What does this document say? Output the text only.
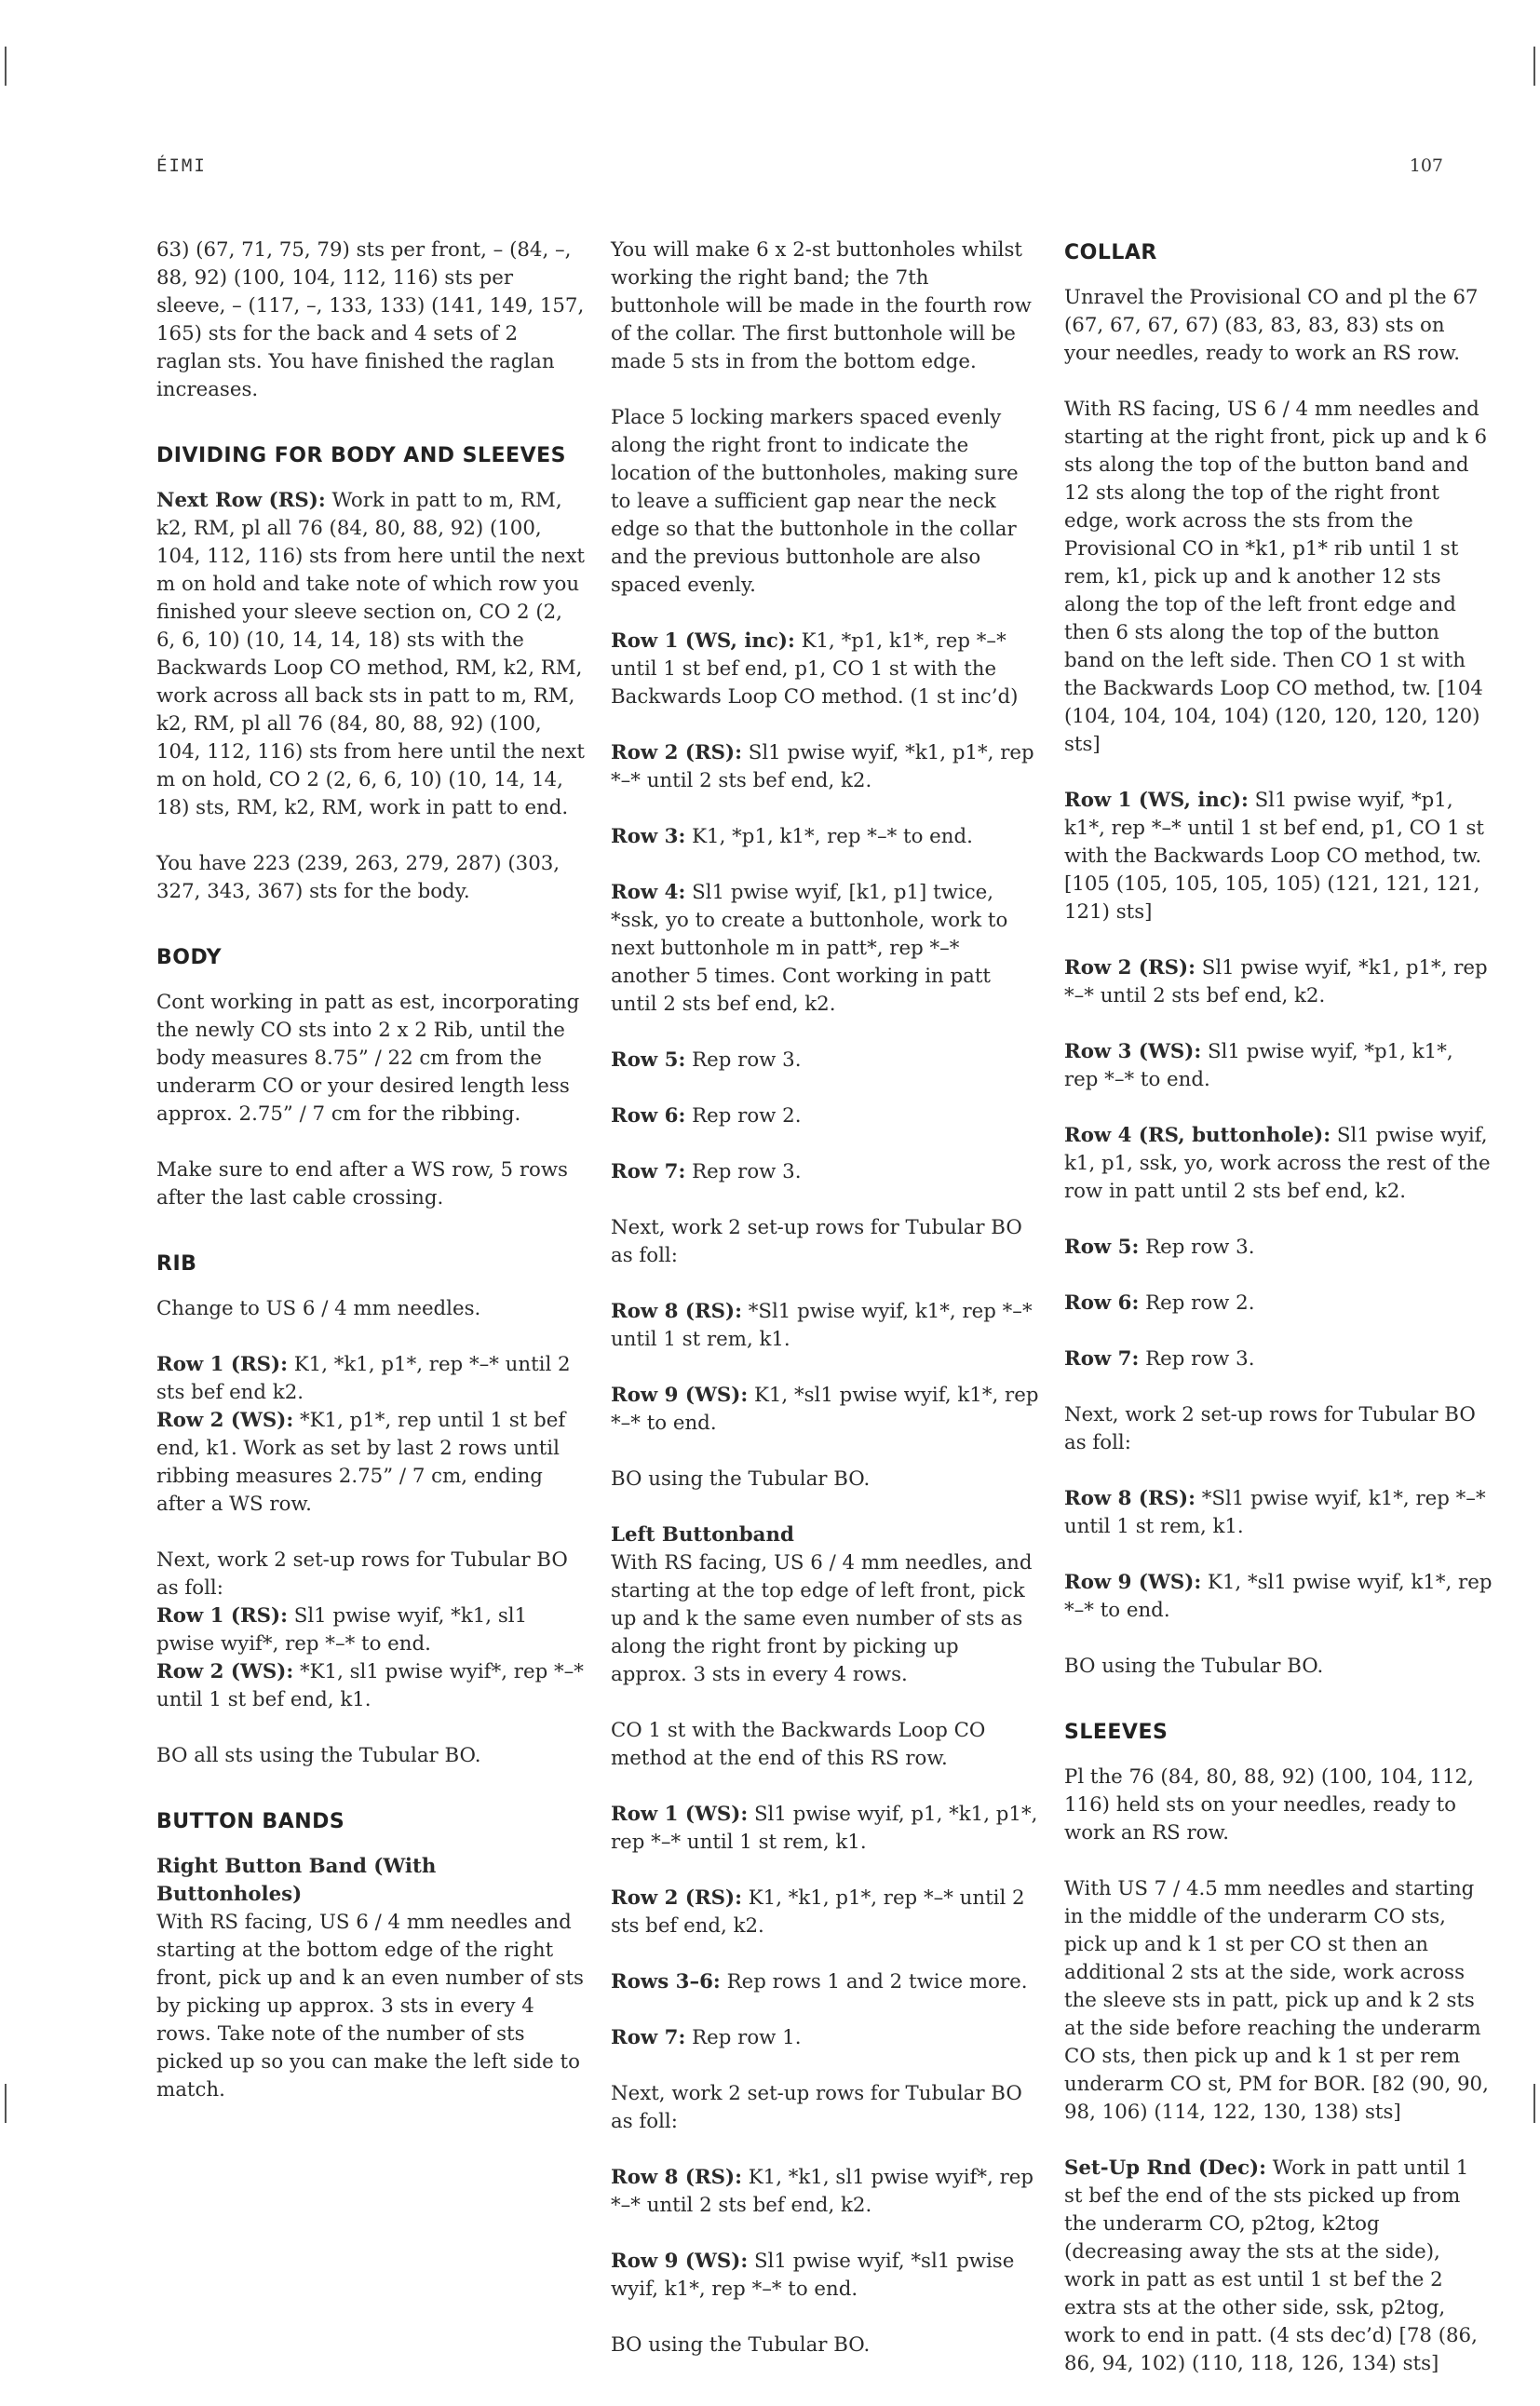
ÉIMI	107

63) (67, 71, 75, 79) sts per front, – (84, –, 88, 92) (100, 104, 112, 116) sts per sleeve, – (117, –, 133, 133) (141, 149, 157, 165) sts for the back and 4 sets of 2 raglan sts. You have finished the raglan increases.

DIVIDING FOR BODY AND SLEEVES

Next Row (RS): Work in patt to m, RM, k2, RM, pl all 76 (84, 80, 88, 92) (100, 104, 112, 116) sts from here until the next m on hold and take note of which row you finished your sleeve section on, CO 2 (2, 6, 6, 10) (10, 14, 14, 18) sts with the Backwards Loop CO method, RM, k2, RM, work across all back sts in patt to m, RM, k2, RM, pl all 76 (84, 80, 88, 92) (100, 104, 112, 116) sts from here until the next m on hold, CO 2 (2, 6, 6, 10) (10, 14, 14, 18) sts, RM, k2, RM, work in patt to end.

You have 223 (239, 263, 279, 287) (303, 327, 343, 367) sts for the body.

BODY

Cont working in patt as est, incorporating the newly CO sts into 2 x 2 Rib, until the body measures 8.75” / 22 cm from the underarm CO or your desired length less approx. 2.75” / 7 cm for the ribbing.

Make sure to end after a WS row, 5 rows after the last cable crossing.

RIB

Change to US 6 / 4 mm needles.

Row 1 (RS): K1, *k1, p1*, rep *–* until 2 sts bef end k2.

Row 2 (WS): *K1, p1*, rep until 1 st bef end, k1. Work as set by last 2 rows until ribbing measures 2.75” / 7 cm, ending after a WS row.

Next, work 2 set-up rows for Tubular BO as foll:

Row 1 (RS): Sl1 pwise wyif, *k1, sl1 pwise wyif*, rep *–* to end.

Row 2 (WS): *K1, sl1 pwise wyif*, rep *–* until 1 st bef end, k1.

BO all sts using the Tubular BO.

BUTTON BANDS
Right Button Band (With Buttonholes)

With RS facing, US 6 / 4 mm needles and starting at the bottom edge of the right front, pick up and k an even number of sts by picking up approx. 3 sts in every 4 rows. Take note of the number of sts picked up so you can make the left side to match.

You will make 6 x 2-st buttonholes whilst working the right band; the 7th buttonhole will be made in the fourth row of the collar. The first buttonhole will be made 5 sts in from the bottom edge.

Place 5 locking markers spaced evenly along the right front to indicate the location of the buttonholes, making sure to leave a sufficient gap near the neck edge so that the buttonhole in the collar and the previous buttonhole are also spaced evenly.

Row 1 (WS, inc): K1, *p1, k1*, rep *–* until 1 st bef end, p1, CO 1 st with the Backwards Loop CO method. (1 st inc’d)

Row 2 (RS): Sl1 pwise wyif, *k1, p1*, rep *–* until 2 sts bef end, k2.

Row 3: K1, *p1, k1*, rep *–* to end.

Row 4: Sl1 pwise wyif, [k1, p1] twice, *ssk, yo to create a buttonhole, work to next buttonhole m in patt*, rep *–* another 5 times. Cont working in patt until 2 sts bef end, k2.

Row 5: Rep row 3.

Row 6: Rep row 2.

Row 7: Rep row 3.

Next, work 2 set-up rows for Tubular BO as foll:

Row 8 (RS): *Sl1 pwise wyif, k1*, rep *–* until 1 st rem, k1.

Row 9 (WS): K1, *sl1 pwise wyif, k1*, rep *–* to end.

BO using the Tubular BO.

Left Buttonband

With RS facing, US 6 / 4 mm needles, and starting at the top edge of left front, pick up and k the same even number of sts as along the right front by picking up approx. 3 sts in every 4 rows.

CO 1 st with the Backwards Loop CO method at the end of this RS row.

Row 1 (WS): Sl1 pwise wyif, p1, *k1, p1*, rep *–* until 1 st rem, k1.

Row 2 (RS): K1, *k1, p1*, rep *–* until 2 sts bef end, k2.

Rows 3–6: Rep rows 1 and 2 twice more.

Row 7: Rep row 1.

Next, work 2 set-up rows for Tubular BO as foll:

Row 8 (RS): K1, *k1, sl1 pwise wyif*, rep *–* until 2 sts bef end, k2.

Row 9 (WS): Sl1 pwise wyif, *sl1 pwise wyif, k1*, rep *–* to end.

BO using the Tubular BO.

COLLAR

Unravel the Provisional CO and pl the 67 (67, 67, 67, 67) (83, 83, 83, 83) sts on your needles, ready to work an RS row.

With RS facing, US 6 / 4 mm needles and starting at the right front, pick up and k 6 sts along the top of the button band and 12 sts along the top of the right front edge, work across the sts from the Provisional CO in *k1, p1* rib until 1 st rem, k1, pick up and k another 12 sts along the top of the left front edge and then 6 sts along the top of the button band on the left side. Then CO 1 st with the Backwards Loop CO method, tw. [104 (104, 104, 104, 104) (120, 120, 120, 120) sts]

Row 1 (WS, inc): Sl1 pwise wyif, *p1, k1*, rep *–* until 1 st bef end, p1, CO 1 st with the Backwards Loop CO method, tw. [105 (105, 105, 105, 105) (121, 121, 121, 121) sts]

Row 2 (RS): Sl1 pwise wyif, *k1, p1*, rep *–* until 2 sts bef end, k2.

Row 3 (WS): Sl1 pwise wyif, *p1, k1*, rep *–* to end.

Row 4 (RS, buttonhole): Sl1 pwise wyif, k1, p1, ssk, yo, work across the rest of the row in patt until 2 sts bef end, k2.

Row 5: Rep row 3.

Row 6: Rep row 2.

Row 7: Rep row 3.

Next, work 2 set-up rows for Tubular BO as foll:

Row 8 (RS): *Sl1 pwise wyif, k1*, rep *–* until 1 st rem, k1.

Row 9 (WS): K1, *sl1 pwise wyif, k1*, rep *–* to end.

BO using the Tubular BO.

SLEEVES

Pl the 76 (84, 80, 88, 92) (100, 104, 112, 116) held sts on your needles, ready to work an RS row.

With US 7 / 4.5 mm needles and starting in the middle of the underarm CO sts, pick up and k 1 st per CO st then an additional 2 sts at the side, work across the sleeve sts in patt, pick up and k 2 sts at the side before reaching the underarm CO sts, then pick up and k 1 st per rem underarm CO st, PM for BOR. [82 (90, 90, 98, 106) (114, 122, 130, 138) sts]

Set-Up Rnd (Dec): Work in patt until 1 st bef the end of the sts picked up from the underarm CO, p2tog, k2tog (decreasing away the sts at the side), work in patt as est until 1 st bef the 2 extra sts at the other side, ssk, p2tog, work to end in patt. (4 sts dec’d) [78 (86, 86, 94, 102) (110, 118, 126, 134) sts]
